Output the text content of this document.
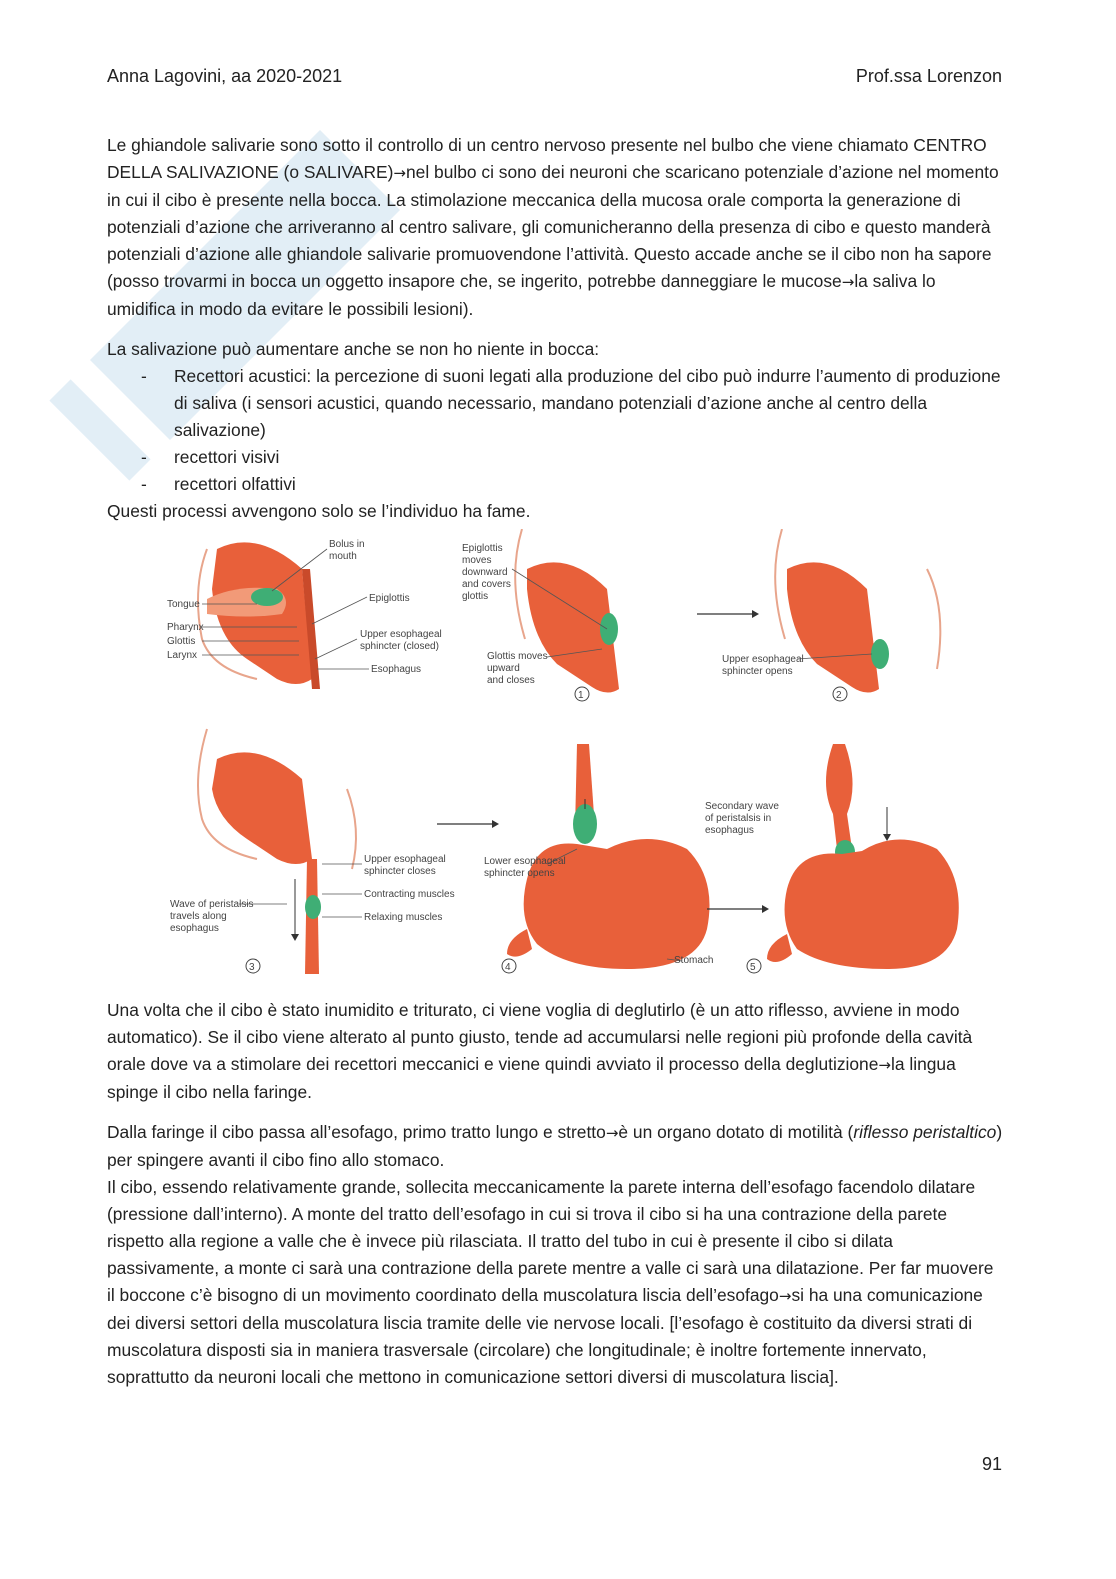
Anna Lagovini, aa 2020-2021	Prof.ssa Lorenzon

Le ghiandole salivarie sono sotto il controllo di un centro nervoso presente nel bulbo che viene chiamato CENTRO DELLA SALIVAZIONE (o SALIVARE)→nel bulbo ci sono dei neuroni che scaricano potenziale d’azione nel momento in cui il cibo è presente nella bocca. La stimolazione meccanica della mucosa orale comporta la generazione di potenziali d’azione che arriveranno al centro salivare, gli comunicheranno della presenza di cibo e questo manderà potenziali d’azione alle ghiandole salivarie promuovendone l’attività. Questo accade anche se il cibo non ha sapore (posso trovarmi in bocca un oggetto insapore che, se ingerito, potrebbe danneggiare le mucose→la saliva lo umidifica in modo da evitare le possibili lesioni).

La salivazione può aumentare anche se non ho niente in bocca:

- Recettori acustici: la percezione di suoni legati alla produzione del cibo può indurre l’aumento di produzione di saliva (i sensori acustici, quando necessario, mandano potenziali d’azione anche al centro della salivazione)
- recettori visivi
- recettori olfattivi

Questi processi avvengono solo se l’individuo ha fame.

Bolus in
mouth
Tongue
Epiglottis
Pharynx
Glottis
Larynx
Upper esophageal
sphincter (closed)
Esophagus
Epiglottis
moves
downward
and covers
glottis
Glottis moves
upward
and closes
1
Upper esophageal
sphincter opens
2
Upper esophageal
sphincter closes
Contracting muscles
Relaxing muscles
Wave of peristalsis
travels along
esophagus
3
Lower esophageal
sphincter opens
Stomach
4
Secondary wave
of peristalsis in
esophagus
5

Una volta che il cibo è stato inumidito e triturato, ci viene voglia di deglutirlo (è un atto riflesso, avviene in modo automatico). Se il cibo viene alterato al punto giusto, tende ad accumularsi nelle regioni più profonde della cavità orale dove va a stimolare dei recettori meccanici e viene quindi avviato il processo della deglutizione→la lingua spinge il cibo nella faringe.

Dalla faringe il cibo passa all’esofago, primo tratto lungo e stretto→è un organo dotato di motilità (riflesso peristaltico) per spingere avanti il cibo fino allo stomaco.

Il cibo, essendo relativamente grande, sollecita meccanicamente la parete interna dell’esofago facendolo dilatare (pressione dall’interno). A monte del tratto dell’esofago in cui si trova il cibo si ha una contrazione della parete rispetto alla regione a valle che è invece più rilasciata. Il tratto del tubo in cui è presente il cibo si dilata passivamente, a monte ci sarà una contrazione della parete mentre a valle ci sarà una dilatazione. Per far muovere il boccone c’è bisogno di un movimento coordinato della muscolatura liscia dell’esofago→si ha una comunicazione dei diversi settori della muscolatura liscia tramite delle vie nervose locali. [l’esofago è costituito da diversi strati di muscolatura disposti sia in maniera trasversale (circolare) che longitudinale; è inoltre fortemente innervato, soprattutto da neuroni locali che mettono in comunicazione settori diversi di muscolatura liscia].

91
